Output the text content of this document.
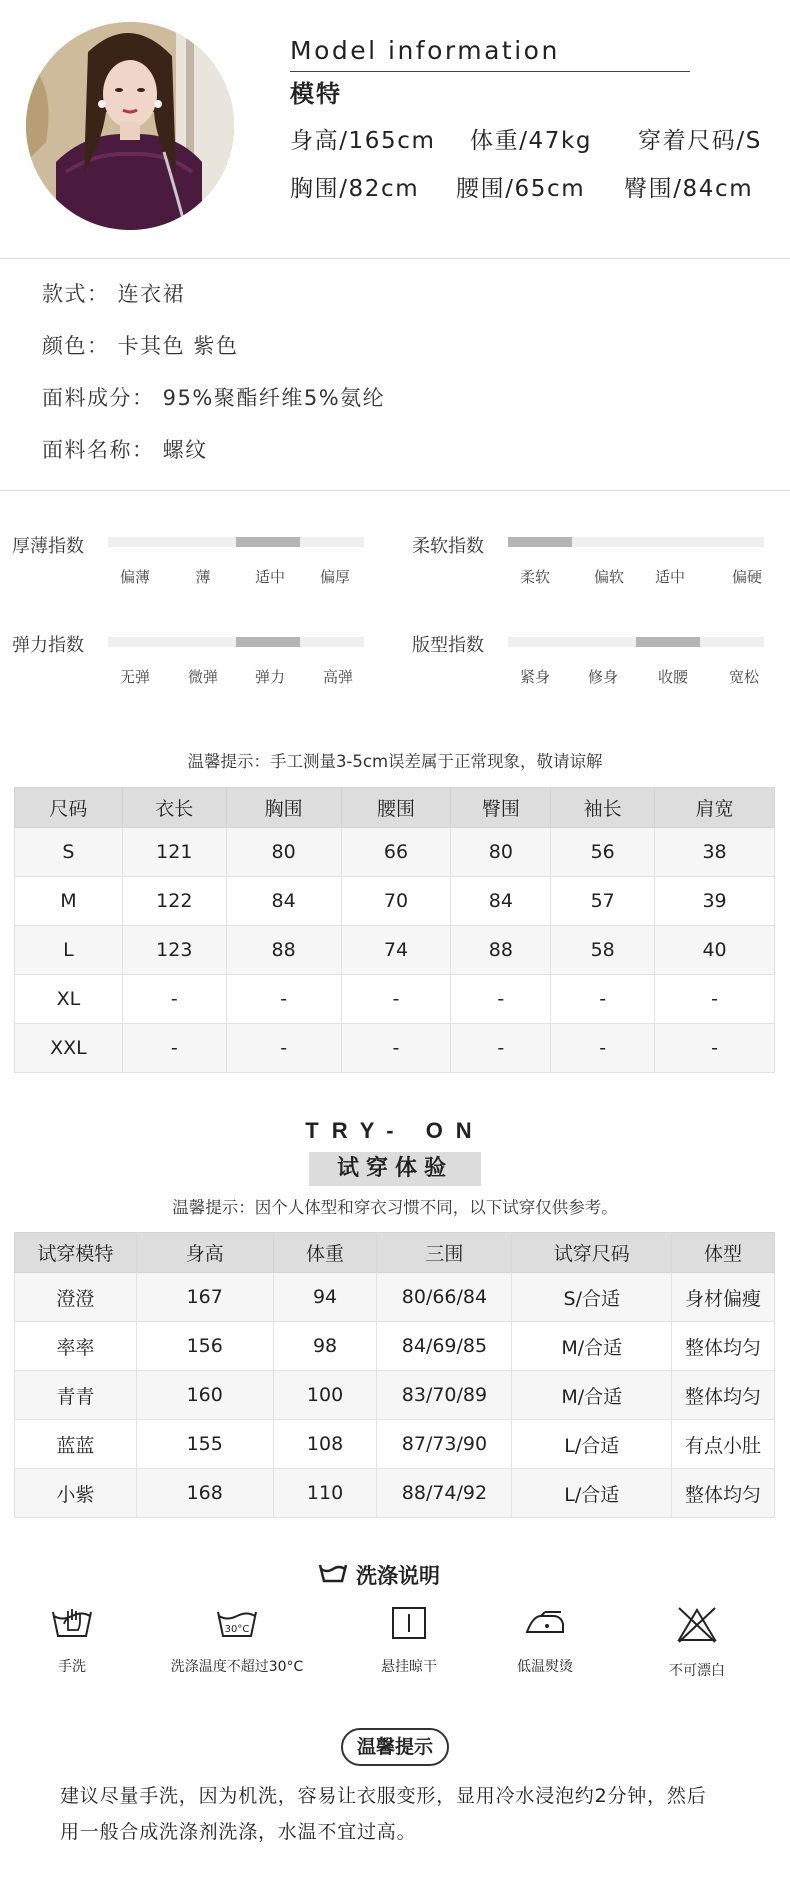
Model information
模特
身高/165cm 体重/47kg 穿着尺码/S
胸围/82cm 腰围/65cm 臀围/84cm
款式： 连衣裙
颜色： 卡其色 紫色
面料成分： 95%聚酯纤维5%氨纶
面料名称： 螺纹
厚薄指数
偏薄	薄	适中	偏厚
柔软指数
柔软	偏软	适中	偏硬
弹力指数
无弹	微弹	弹力	高弹
版型指数
紧身	修身	收腰	宽松
温馨提示：手工测量3-5cm误差属于正常现象，敬请谅解
尺码	衣长	胸围	腰围	臀围	袖长	肩宽
S	121	80	66	80	56	38
M	122	84	70	84	57	39
L	123	88	74	88	58	40
XL	-	-	-	-	-	-
XXL	-	-	-	-	-	-
TRY- ON
试穿体验
温馨提示：因个人体型和穿衣习惯不同，以下试穿仅供参考。
试穿模特	身高	体重	三围	试穿尺码	体型
澄澄	167	94	80/66/84	S/合适	身材偏瘦
率率	156	98	84/69/85	M/合适	整体均匀
青青	160	100	83/70/89	M/合适	整体均匀
蓝蓝	155	108	87/73/90	L/合适	有点小肚
小紫	168	110	88/74/92	L/合适	整体均匀
洗涤说明
手洗
30°C
洗涤温度不超过30°C	悬挂晾干	低温熨烫	不可漂白
温馨提示
建议尽量手洗，因为机洗，容易让衣服变形，显用冷水浸泡约2分钟，然后
用一般合成洗涤剂洗涤，水温不宜过高。
